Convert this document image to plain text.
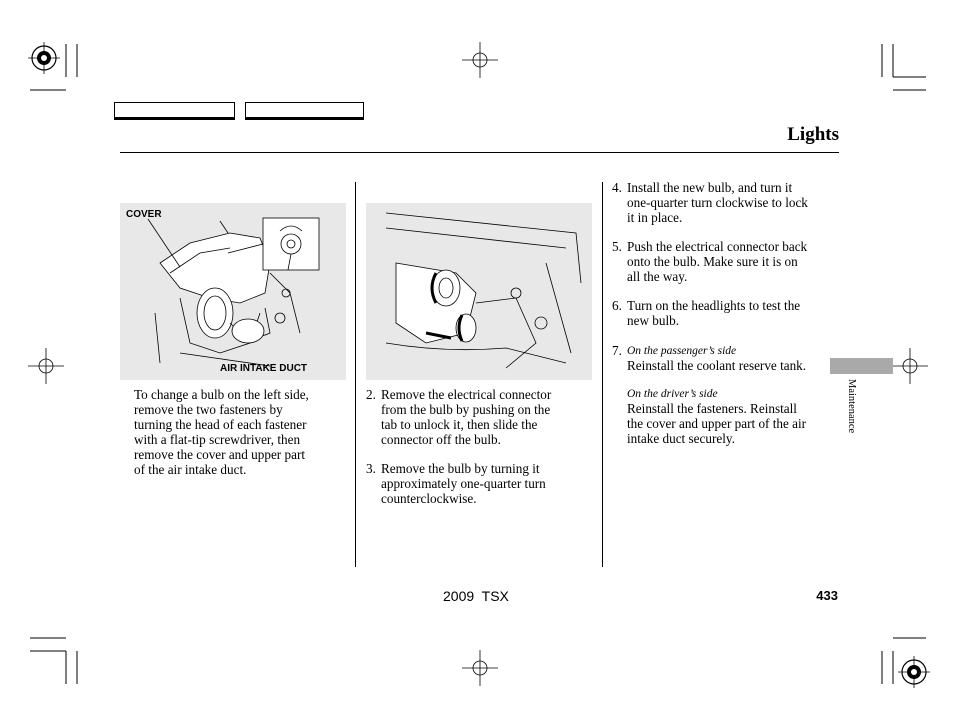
Lights
COVER
AIR INTAKE DUCT
To change a bulb on the left side,
remove the two fasteners by
turning the head of each fastener
with a flat-tip screwdriver, then
remove the cover and upper part
of the air intake duct.
2. Remove the electrical connector
from the bulb by pushing on the
tab to unlock it, then slide the
connector off the bulb.
3. Remove the bulb by turning it
approximately one-quarter turn
counterclockwise.
4. Install the new bulb, and turn it
one-quarter turn clockwise to lock
it in place.
5. Push the electrical connector back
onto the bulb. Make sure it is on
all the way.
6. Turn on the headlights to test the
new bulb.
7. On the passenger’s side
Reinstall the coolant reserve tank.
On the driver’s side
Reinstall the fasteners. Reinstall
the cover and upper part of the air
intake duct securely.
Maintenance
2009  TSX	433
